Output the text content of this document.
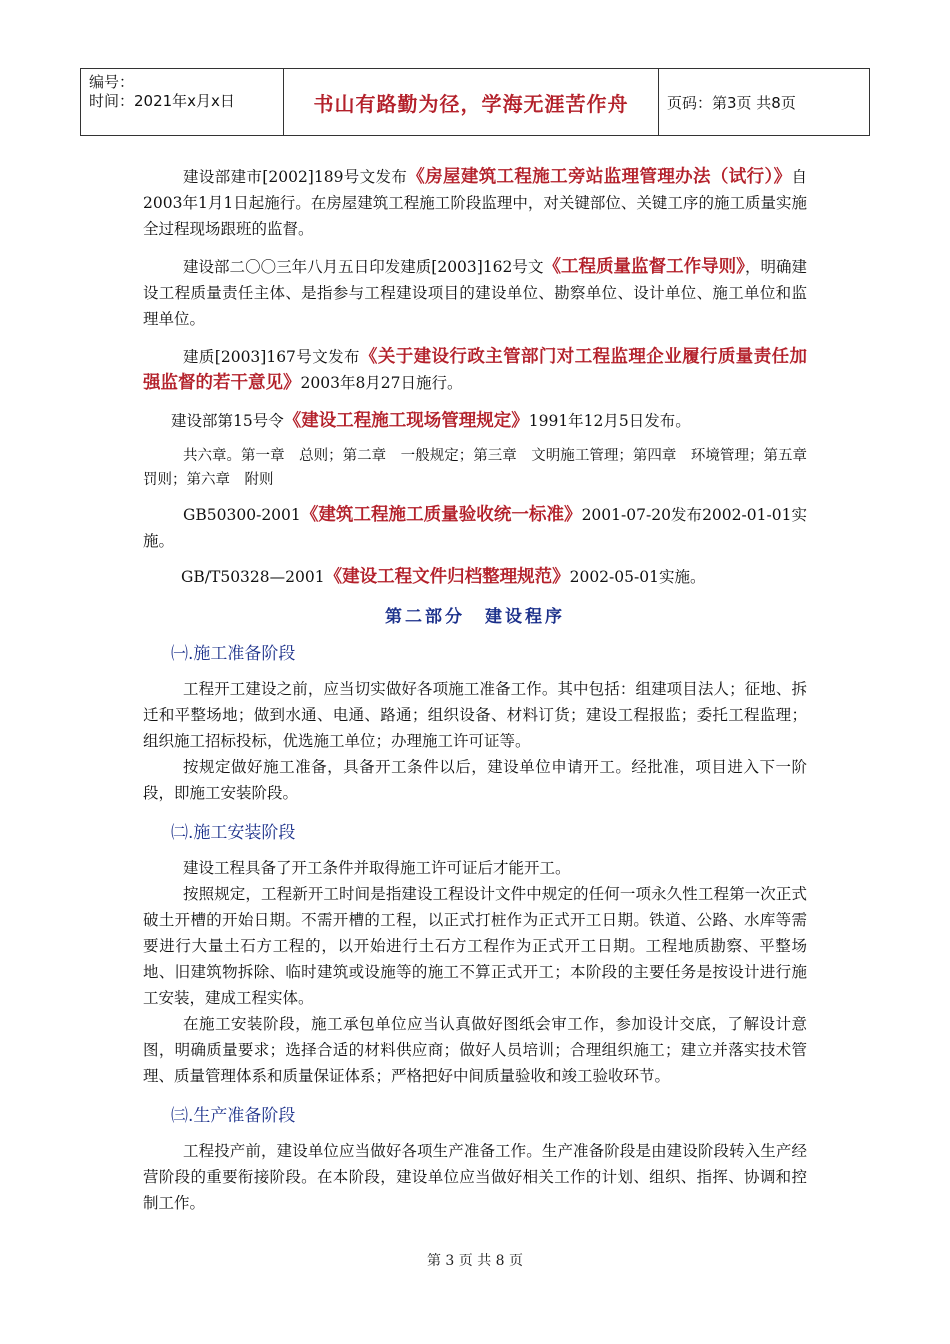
编号：
时间：2021年x月x日	书山有路勤为径，学海无涯苦作舟	页码：第3页 共8页

建设部建市[2002]189号文发布《房屋建筑工程施工旁站监理管理办法（试行）》自2003年1月1日起施行。在房屋建筑工程施工阶段监理中，对关键部位、关键工序的施工质量实施全过程现场跟班的监督。

建设部二〇〇三年八月五日印发建质[2003]162号文《工程质量监督工作导则》，明确建设工程质量责任主体、是指参与工程建设项目的建设单位、勘察单位、设计单位、施工单位和监理单位。

建质[2003]167号文发布《关于建设行政主管部门对工程监理企业履行质量责任加强监督的若干意见》2003年8月27日施行。

建设部第15号令《建设工程施工现场管理规定》1991年12月5日发布。

共六章。第一章　总则；第二章　一般规定；第三章　文明施工管理；第四章　环境管理；第五章　罚则；第六章　附则

GB50300-2001《建筑工程施工质量验收统一标准》2001-07-20发布2002-01-01实施。

GB/T50328—2001《建设工程文件归档整理规范》2002-05-01实施。

第二部分　建设程序

㈠.施工准备阶段

工程开工建设之前，应当切实做好各项施工准备工作。其中包括：组建项目法人；征地、拆迁和平整场地；做到水通、电通、路通；组织设备、材料订货；建设工程报监；委托工程监理；组织施工招标投标，优选施工单位；办理施工许可证等。

按规定做好施工准备，具备开工条件以后，建设单位申请开工。经批准，项目进入下一阶段，即施工安装阶段。

㈡.施工安装阶段

建设工程具备了开工条件并取得施工许可证后才能开工。

按照规定，工程新开工时间是指建设工程设计文件中规定的任何一项永久性工程第一次正式破土开槽的开始日期。不需开槽的工程，以正式打桩作为正式开工日期。铁道、公路、水库等需要进行大量土石方工程的，以开始进行土石方工程作为正式开工日期。工程地质勘察、平整场地、旧建筑物拆除、临时建筑或设施等的施工不算正式开工；本阶段的主要任务是按设计进行施工安装，建成工程实体。

在施工安装阶段，施工承包单位应当认真做好图纸会审工作，参加设计交底，了解设计意图，明确质量要求；选择合适的材料供应商；做好人员培训；合理组织施工；建立并落实技术管理、质量管理体系和质量保证体系；严格把好中间质量验收和竣工验收环节。

㈢.生产准备阶段

工程投产前，建设单位应当做好各项生产准备工作。生产准备阶段是由建设阶段转入生产经营阶段的重要衔接阶段。在本阶段，建设单位应当做好相关工作的计划、组织、指挥、协调和控制工作。

第 3 页 共 8 页
